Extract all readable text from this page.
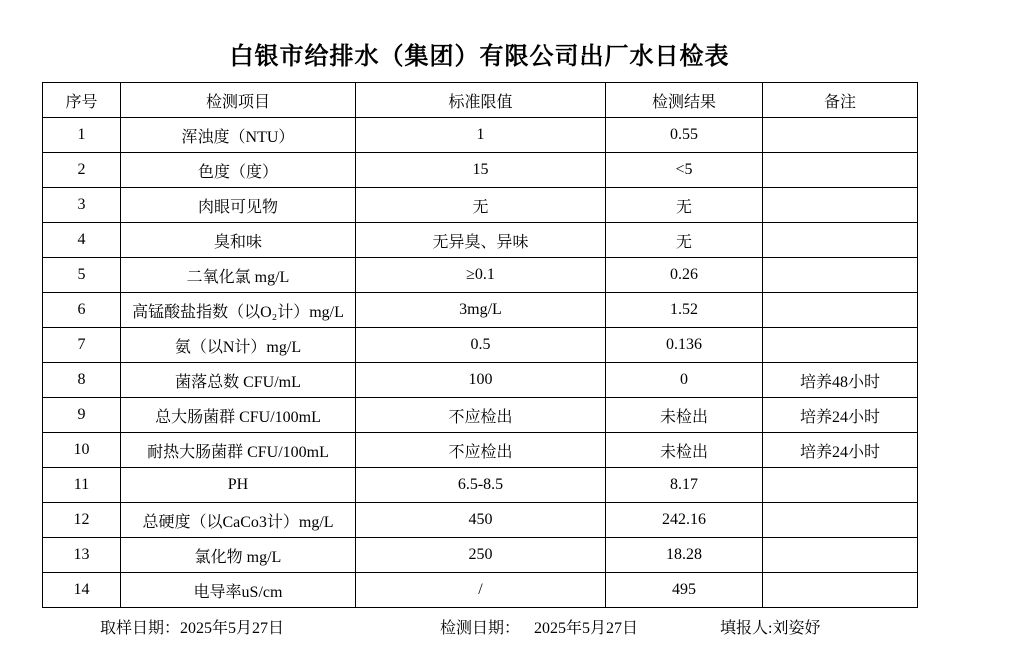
白银市给排水（集团）有限公司出厂水日检表
序号	检测项目	标准限值	检测结果	备注
1	浑浊度（NTU）	1	0.55	
2	色度（度）	15	<5	
3	肉眼可见物	无	无	
4	臭和味	无异臭、异味	无	
5	二氧化氯 mg/L	≥0.1	0.26	
6	高锰酸盐指数（以O₂计）mg/L	3mg/L	1.52	
7	氨（以N计）mg/L	0.5	0.136	
8	菌落总数 CFU/mL	100	0	培养48小时
9	总大肠菌群 CFU/100mL	不应检出	未检出	培养24小时
10	耐热大肠菌群 CFU/100mL	不应检出	未检出	培养24小时
11	PH	6.5-8.5	8.17	
12	总硬度（以CaCo3计）mg/L	450	242.16	
13	氯化物 mg/L	250	18.28	
14	电导率uS/cm	/	495	
取样日期：2025年5月27日	检测日期： 2025年5月27日	填报人:刘姿妤
